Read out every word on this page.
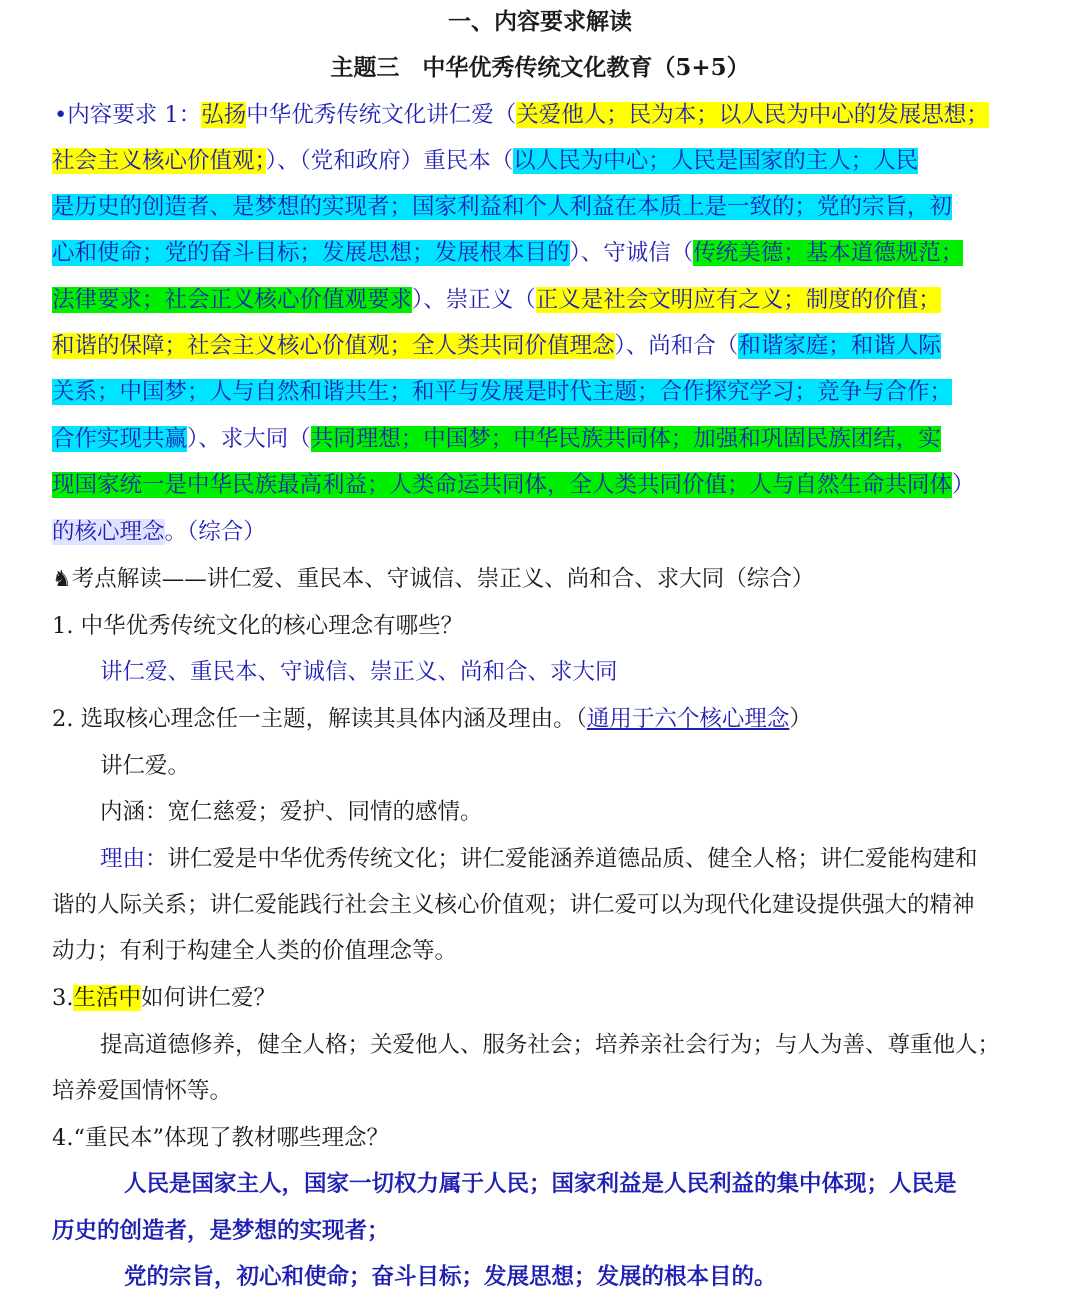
一、内容要求解读
主题三　中华优秀传统文化教育（5+5）
•内容要求 1：弘扬中华优秀传统文化讲仁爱（关爱他人；民为本；以人民为中心的发展思想；
社会主义核心价值观；）、（党和政府）重民本（以人民为中心；人民是国家的主人；人民
是历史的创造者、是梦想的实现者；国家利益和个人利益在本质上是一致的；党的宗旨，初
心和使命；党的奋斗目标；发展思想；发展根本目的）、守诚信（传统美德；基本道德规范；
法律要求；社会正义核心价值观要求）、崇正义（正义是社会文明应有之义；制度的价值；
和谐的保障；社会主义核心价值观；全人类共同价值理念）、尚和合（和谐家庭；和谐人际
关系；中国梦；人与自然和谐共生；和平与发展是时代主题；合作探究学习；竞争与合作；
合作实现共赢）、求大同（共同理想；中国梦；中华民族共同体；加强和巩固民族团结，实
现国家统一是中华民族最高利益；人类命运共同体，全人类共同价值；人与自然生命共同体）
的核心理念。（综合）
♞考点解读——讲仁爱、重民本、守诚信、崇正义、尚和合、求大同（综合）
1. 中华优秀传统文化的核心理念有哪些？
讲仁爱、重民本、守诚信、崇正义、尚和合、求大同
2. 选取核心理念任一主题，解读其具体内涵及理由。（通用于六个核心理念）
讲仁爱。
内涵：宽仁慈爱；爱护、同情的感情。
理由：讲仁爱是中华优秀传统文化；讲仁爱能涵养道德品质、健全人格；讲仁爱能构建和
谐的人际关系；讲仁爱能践行社会主义核心价值观；讲仁爱可以为现代化建设提供强大的精神
动力；有利于构建全人类的价值理念等。
3.生活中如何讲仁爱？
提高道德修养，健全人格；关爱他人、服务社会；培养亲社会行为；与人为善、尊重他人；
培养爱国情怀等。
4.“重民本”体现了教材哪些理念？
人民是国家主人，国家一切权力属于人民；国家利益是人民利益的集中体现；人民是
历史的创造者，是梦想的实现者；
党的宗旨，初心和使命；奋斗目标；发展思想；发展的根本目的。
